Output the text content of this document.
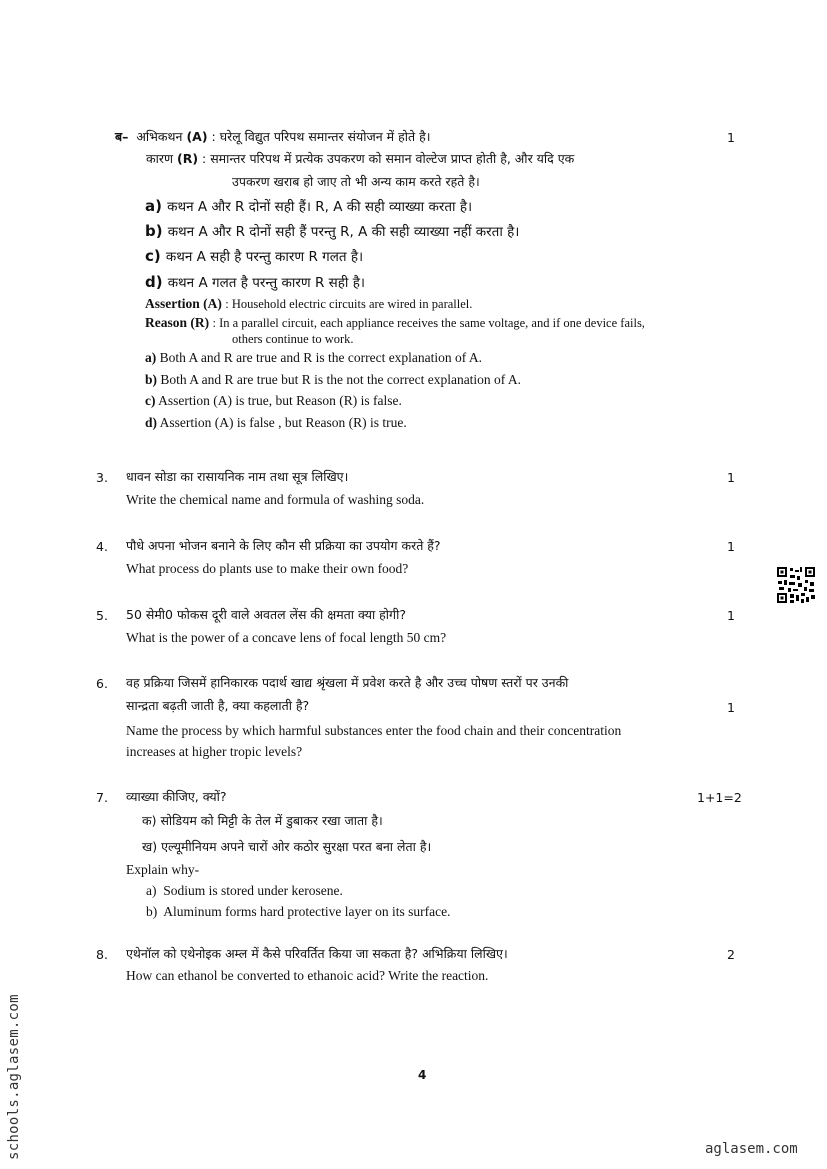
ब– अभिकथन (A) : घरेलू विद्युत परिपथ समान्तर संयोजन में होते है।	1
कारण (R) : समान्तर परिपथ में प्रत्येक उपकरण को समान वोल्टेज प्राप्त होती है, और यदि एक
उपकरण खराब हो जाए तो भी अन्य काम करते रहते है।
a) कथन A और R दोनों सही हैं। R, A की सही व्याख्या करता है।
b) कथन A और R दोनों सही हैं परन्तु R, A की सही व्याख्या नहीं करता है।
c) कथन A सही है परन्तु कारण R गलत है।
d) कथन A गलत है परन्तु कारण R सही है।
Assertion (A) : Household electric circuits are wired in parallel.
Reason (R) : In a parallel circuit, each appliance receives the same voltage, and if one device fails,
others continue to work.
a) Both A and R are true and R is the correct explanation of A.
b) Both A and R are true but R is the not the correct explanation of A.
c) Assertion (A) is true, but Reason (R) is false.
d) Assertion (A) is false , but Reason (R) is true.
3. धावन सोडा का रासायनिक नाम तथा सूत्र लिखिए।	1
Write the chemical name and formula of washing soda.
4. पौधे अपना भोजन बनाने के लिए कौन सी प्रक्रिया का उपयोग करते हैं?	1
What process do plants use to make their own food?
5. 50 सेमी0 फोकस दूरी वाले अवतल लेंस की क्षमता क्या होगी?	1
What is the power of a concave lens of focal length 50 cm?
6. वह प्रक्रिया जिसमें हानिकारक पदार्थ खाद्य श्रृंखला में प्रवेश करते है और उच्च पोषण स्तरों पर उनकी
सान्द्रता बढ़ती जाती है, क्या कहलाती है?	1
Name the process by which harmful substances enter the food chain and their concentration
increases at higher tropic levels?
7. व्याख्या कीजिए, क्यों?	1+1=2
क) सोडियम को मिट्टी के तेल में डुबाकर रखा जाता है।
ख) एल्यूमीनियम अपने चारों ओर कठोर सुरक्षा परत बना लेता है।
Explain why-
a) Sodium is stored under kerosene.
b) Aluminum forms hard protective layer on its surface.
8. एथेनॉल को एथेनोइक अम्ल में कैसे परिवर्तित किया जा सकता है? अभिक्रिया लिखिए।	2
How can ethanol be converted to ethanoic acid? Write the reaction.
4
schools.aglasem.com	aglasem.com
